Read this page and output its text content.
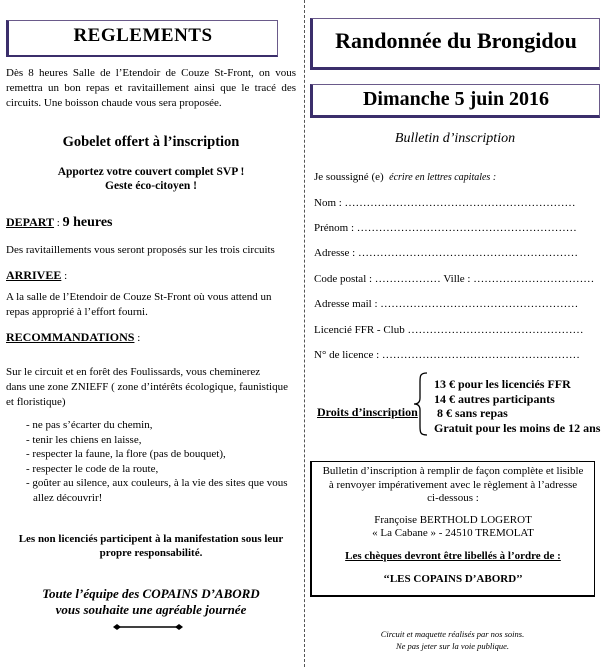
REGLEMENTS
Dès 8 heures Salle de l’Etendoir de Couze St-Front, on vous remettra un bon repas et ravitaillement ainsi que le tracé des circuits. Une boisson chaude vous sera proposée.
Gobelet offert à l’inscription
Apportez votre couvert complet SVP !
Geste éco-citoyen !
DEPART : 9 heures
Des ravitaillements vous seront proposés sur les trois circuits
ARRIVEE :
A la salle de l’Etendoir de Couze St-Front où vous attend un repas approprié à l’effort fourni.
RECOMMANDATIONS :
Sur le circuit et en forêt des Foulissards, vous cheminerez
dans une zone ZNIEFF ( zone d’intérêts écologique, faunistique et floristique)
- ne pas s’écarter du chemin,
- tenir les chiens en laisse,
- respecter la faune, la flore (pas de bouquet),
- respecter le code de la route,
- goûter au silence, aux couleurs, à la vie des sites que vous
allez découvrir!
Les non licenciés participent à la manifestation sous leur propre responsabilité.
Toute l’équipe des COPAINS D’ABORD
vous souhaite une agréable journée
Randonnée du Brongidou
Dimanche 5 juin 2016
Bulletin d’inscription
Je soussigné (e) écrire en lettres capitales :
Nom : ………………………………………………………
Prénom : ……………………………………………………
Adresse : ……………………………………………………
Code postal : ……………… Ville : ……………………………
Adresse mail : ………………………………………………
Licencié FFR - Club …………………………………………
N° de licence : ………………………………………………
Droits d’inscription
13 € pour les licenciés FFR
14 € autres participants
8 € sans repas
Gratuit pour les moins de 12 ans
Bulletin d’inscription à remplir de façon complète et lisible
à renvoyer impérativement avec le règlement à l’adresse
ci-dessous :
Françoise BERTHOLD LOGEROT
« La Cabane » - 24510 TREMOLAT
Les chèques devront être libellés à l’ordre de :
‘‘LES COPAINS D’ABORD’’
Circuit et maquette réalisés par nos soins.
Ne pas jeter sur la voie publique.
